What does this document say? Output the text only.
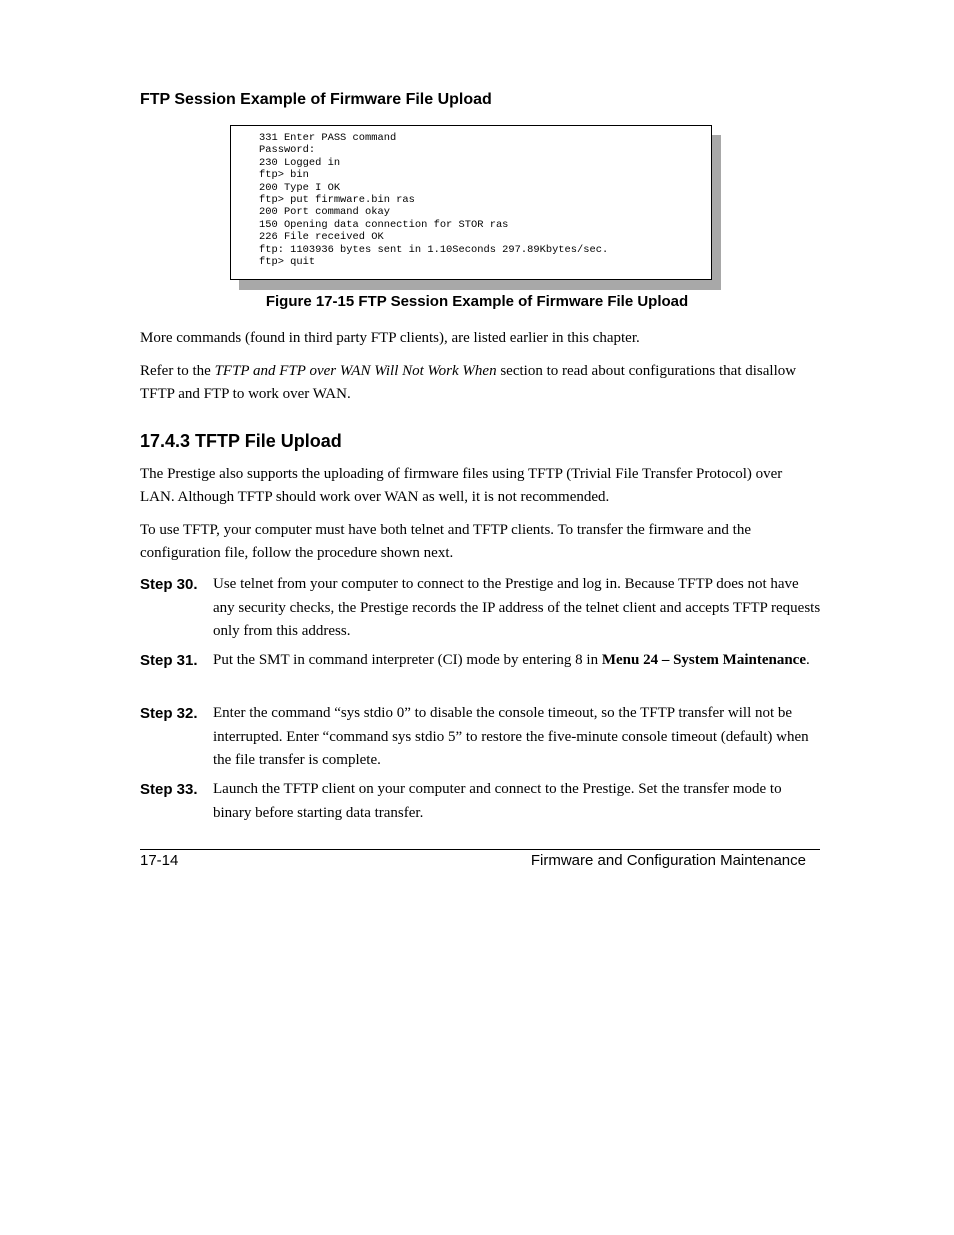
FTP Session Example of Firmware File Upload
331 Enter PASS command
Password:
230 Logged in
ftp> bin
200 Type I OK
ftp> put firmware.bin ras
200 Port command okay
150 Opening data connection for STOR ras
226 File received OK
ftp: 1103936 bytes sent in 1.10Seconds 297.89Kbytes/sec.
ftp> quit

Figure 17-15 FTP Session Example of Firmware File Upload

More commands (found in third party FTP clients), are listed earlier in this chapter.

Refer to the TFTP and FTP over WAN Will Not Work When section to read about configurations that disallow TFTP and FTP to work over WAN.

17.4.3 TFTP File Upload

The Prestige also supports the uploading of firmware files using TFTP (Trivial File Transfer Protocol) over LAN. Although TFTP should work over WAN as well, it is not recommended.

To use TFTP, your computer must have both telnet and TFTP clients. To transfer the firmware and the configuration file, follow the procedure shown next.

Step 30. Use telnet from your computer to connect to the Prestige and log in. Because TFTP does not have any security checks, the Prestige records the IP address of the telnet client and accepts TFTP requests only from this address.
Step 31. Put the SMT in command interpreter (CI) mode by entering 8 in Menu 24 – System Maintenance.
Step 32. Enter the command “sys stdio 0” to disable the console timeout, so the TFTP transfer will not be interrupted. Enter “command sys stdio 5” to restore the five-minute console timeout (default) when the file transfer is complete.
Step 33. Launch the TFTP client on your computer and connect to the Prestige. Set the transfer mode to binary before starting data transfer.
17-14	Firmware and Configuration Maintenance
